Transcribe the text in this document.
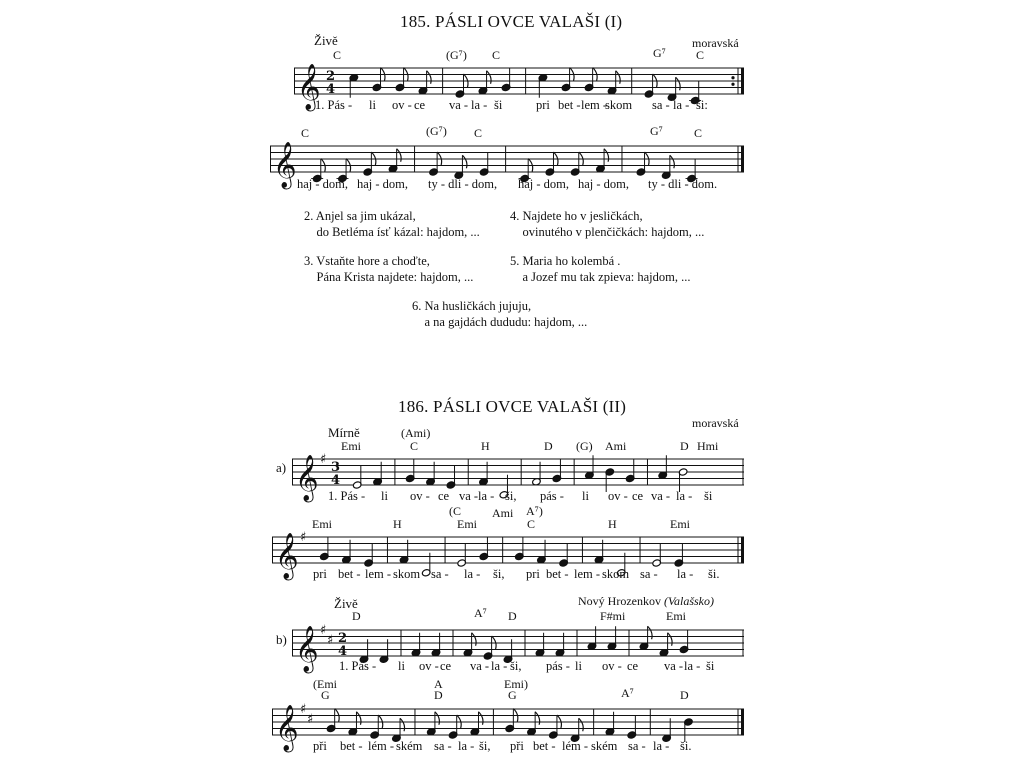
185. PÁSLI OVCE VALAŠI (I)
Živě	moravská
C	(G⁷) C	G⁷	C
𝄞 2
4
1. Pás - li ov - ce va - la - ši	pri bet - lem -
skom sa - la - ši:
C	(G⁷) C	G⁷	C
𝄞 haj - dom, haj - dom, ty - dli - dom, haj - dom, haj - dom, ty - dli - dom.
2. Anjel sa jim ukázal,
do Betléma ísť kázal: hajdom, ...
4. Najdete ho v jesličkách,
ovinutého v plenčičkách: hajdom, ...
3. Vstaňte hore a choďte,
Pána Krista najdete: hajdom, ...
5. Maria ho kolembá .
a Jozef mu tak zpieva: hajdom, ...
6. Na husličkách jujuju,
a na gajdách dududu: hajdom, ...
186. PÁSLI OVCE VALAŠI (II)
moravská
Mírně	(Ami)
Emi	C	H	D (G) Ami	D Hmi
a) 𝄞 ♯
3
4
1. Pás - li ov - ce va - la - ši, pás - li ov - ce va - la - ši
(C	Ami A⁷)
Emi	H	Emi	C	H	Emi
𝄞 ♯
pri bet - lem - skom sa - la - ši, pri bet - lem - skom sa - la - ši.
Živě	Nový Hrozenkov (Valašsko)
D	A⁷ D	F#mi	Emi
b) 𝄞 ♯
♯ 2
4
1. Pás - li ov - ce va - la - ši, pás - li ov - ce va - la - ši
(Emi	A	Emi)
G	D	G	A⁷	D
𝄞 ♯
♯
při bet - lém - ském sa - la - ši, při bet - lém - ském sa - la - ši.
